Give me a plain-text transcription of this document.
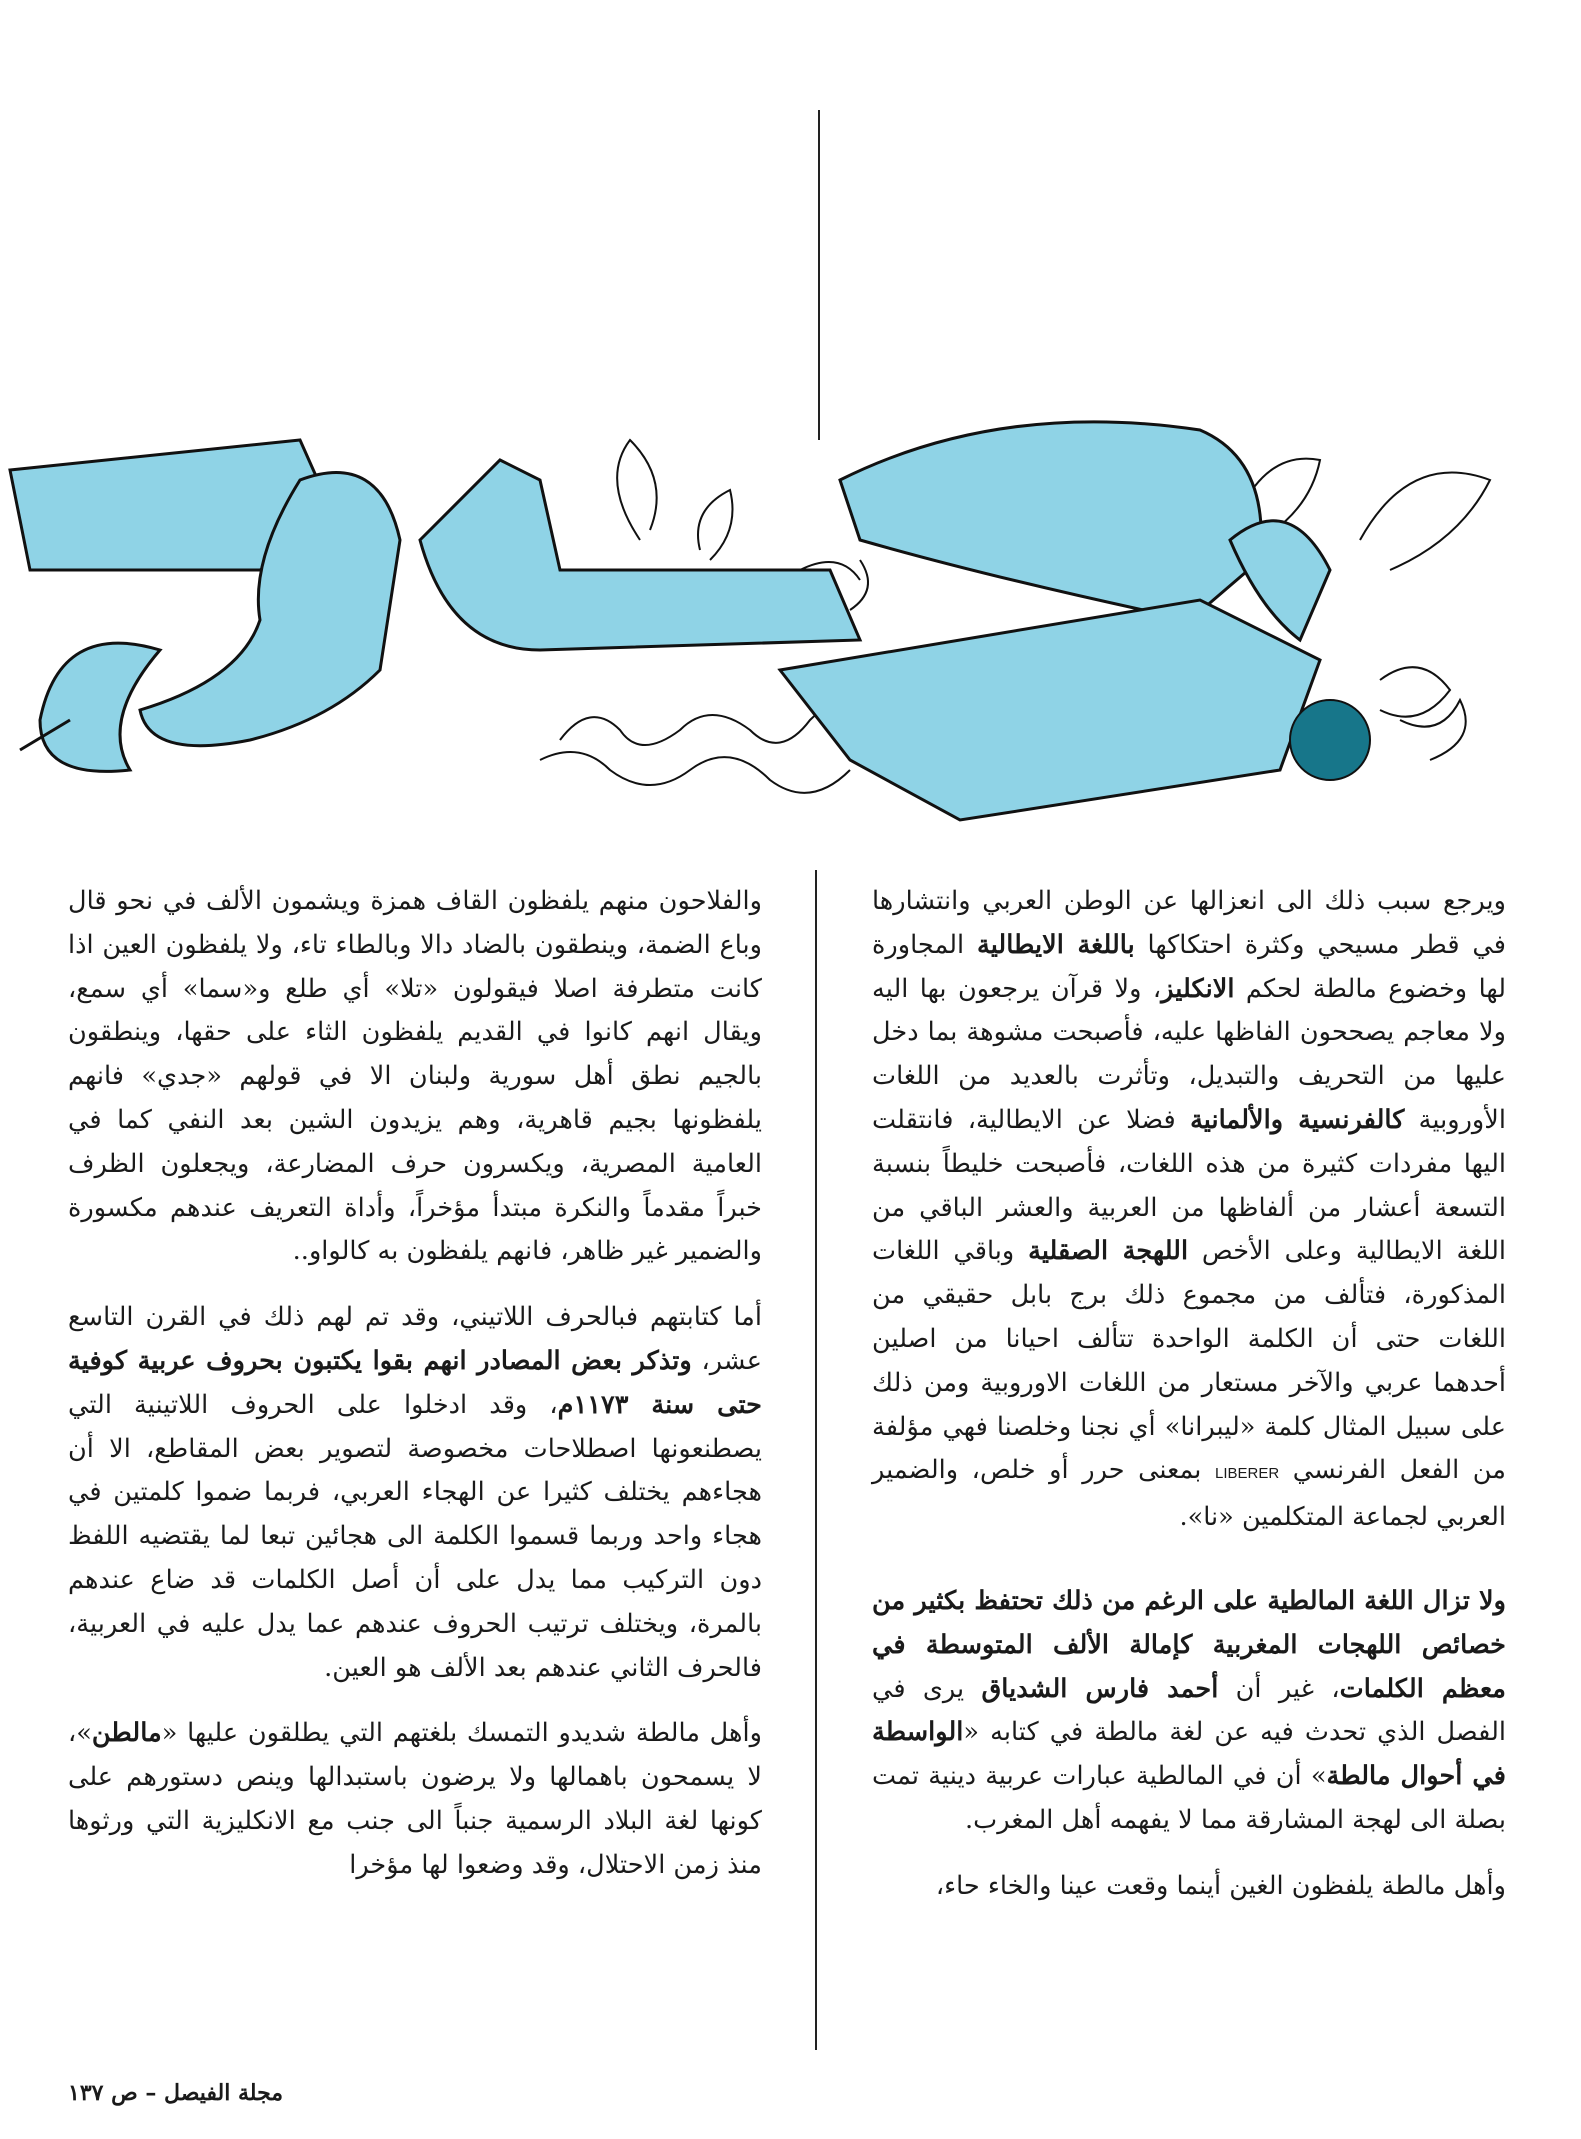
ويرجع سبب ذلك الى انعزالها عن الوطن العربي وانتشارها في قطر مسيحي وكثرة احتكاكها باللغة الايطالية المجاورة لها وخضوع مالطة لحكم الانكليز، ولا قرآن يرجعون بها اليه ولا معاجم يصححون الفاظها عليه، فأصبحت مشوهة بما دخل عليها من التحريف والتبديل، وتأثرت بالعديد من اللغات الأوروبية كالفرنسية والألمانية فضلا عن الايطالية، فانتقلت اليها مفردات كثيرة من هذه اللغات، فأصبحت خليطاً بنسبة التسعة أعشار من ألفاظها من العربية والعشر الباقي من اللغة الايطالية وعلى الأخص اللهجة الصقلية وباقي اللغات المذكورة، فتألف من مجموع ذلك برج بابل حقيقي من اللغات حتى أن الكلمة الواحدة تتألف احيانا من اصلين أحدهما عربي والآخر مستعار من اللغات الاوروبية ومن ذلك على سبيل المثال كلمة «ليبرانا» أي نجنا وخلصنا فهي مؤلفة من الفعل الفرنسي LIBERER بمعنى حرر أو خلص، والضمير العربي لجماعة المتكلمين «نا».

ولا تزال اللغة المالطية على الرغم من ذلك تحتفظ بكثير من خصائص اللهجات المغربية كإمالة الألف المتوسطة في معظم الكلمات، غير أن أحمد فارس الشدياق يرى في الفصل الذي تحدث فيه عن لغة مالطة في كتابه «الواسطة في أحوال مالطة» أن في المالطية عبارات عربية دينية تمت بصلة الى لهجة المشارقة مما لا يفهمه أهل المغرب.

وأهل مالطة يلفظون الغين أينما وقعت عينا والخاء حاء،

والفلاحون منهم يلفظون القاف همزة ويشمون الألف في نحو قال وباع الضمة، وينطقون بالضاد دالا وبالطاء تاء، ولا يلفظون العين اذا كانت متطرفة اصلا فيقولون «تلا» أي طلع و«سما» أي سمع، ويقال انهم كانوا في القديم يلفظون الثاء على حقها، وينطقون بالجيم نطق أهل سورية ولبنان الا في قولهم «جدي» فانهم يلفظونها بجيم قاهرية، وهم يزيدون الشين بعد النفي كما في العامية المصرية، ويكسرون حرف المضارعة، ويجعلون الظرف خبراً مقدماً والنكرة مبتدأ مؤخراً، وأداة التعريف عندهم مكسورة والضمير غير ظاهر، فانهم يلفظون به كالواو..

أما كتابتهم فبالحرف اللاتيني، وقد تم لهم ذلك في القرن التاسع عشر، وتذكر بعض المصادر انهم بقوا يكتبون بحروف عربية كوفية حتى سنة ١١٧٣م، وقد ادخلوا على الحروف اللاتينية التي يصطنعونها اصطلاحات مخصوصة لتصوير بعض المقاطع، الا أن هجاءهم يختلف كثيرا عن الهجاء العربي، فربما ضموا كلمتين في هجاء واحد وربما قسموا الكلمة الى هجائين تبعا لما يقتضيه اللفظ دون التركيب مما يدل على أن أصل الكلمات قد ضاع عندهم بالمرة، ويختلف ترتيب الحروف عندهم عما يدل عليه في العربية، فالحرف الثاني عندهم بعد الألف هو العين.

وأهل مالطة شديدو التمسك بلغتهم التي يطلقون عليها «مالطن»، لا يسمحون باهمالها ولا يرضون باستبدالها وينص دستورهم على كونها لغة البلاد الرسمية جنباً الى جنب مع الانكليزية التي ورثوها منذ زمن الاحتلال، وقد وضعوا لها مؤخرا

مجلة الفيصل – ص ١٣٧
